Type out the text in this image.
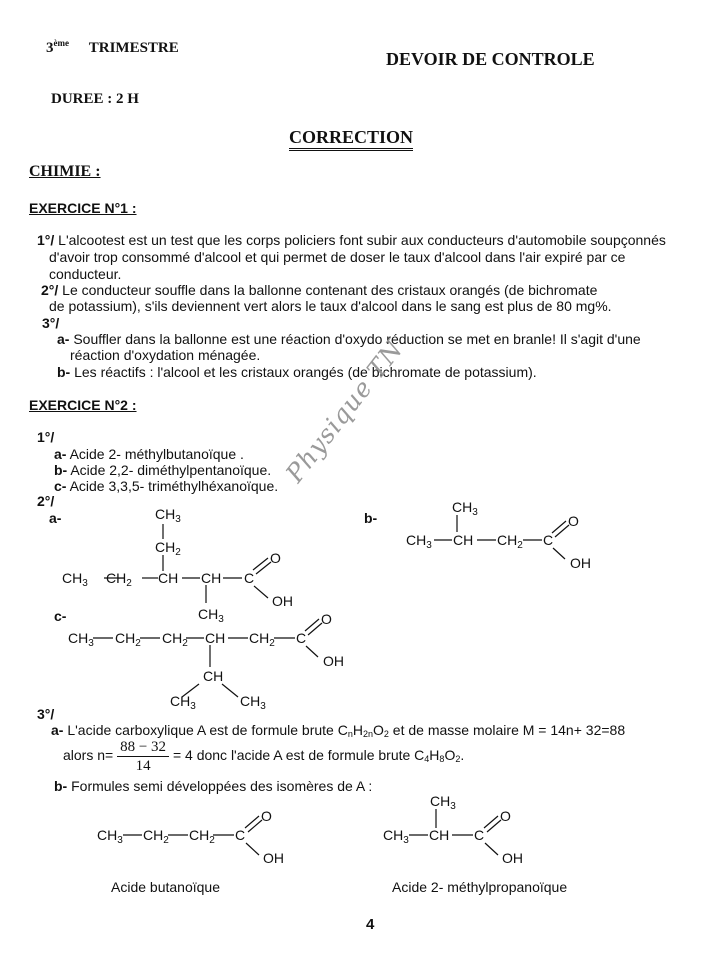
3ème TRIMESTRE
DUREE : 2 H
DEVOIR DE CONTROLE
CORRECTION
CHIMIE :
EXERCICE N°1 :
1°/ L'alcootest est un test que les corps policiers font subir aux conducteurs d'automobile soupçonnés
d'avoir trop consommé d'alcool et qui permet de doser le taux d'alcool dans l'air expiré par ce
conducteur.
2°/ Le conducteur souffle dans la ballonne contenant des cristaux orangés (de bichromate
de potassium), s'ils deviennent vert alors le taux d'alcool dans le sang est plus de 80 mg%.
3°/
a- Souffler dans la ballonne est une réaction d'oxydo réduction se met en branle! Il s'agit d'une
réaction d'oxydation ménagée.
b- Les réactifs : l'alcool et les cristaux orangés (de bichromate de potassium).
EXERCICE N°2 :
1°/
a- Acide 2- méthylbutanoïque .
b- Acide 2,2- diméthylpentanoïque.
c- Acide 3,3,5- triméthylhéxanoïque.
2°/
a-	b-
c-
$CH_3$
$CH_2$
$CH_3$ $CH_2$ CH CH C
O
OH
$CH_3$
$CH_3$
$CH_3$ CH $CH_2$ C
O
OH
$CH_3$ $CH_2$ $CH_2$ CH $CH_2$ C
O
OH
CH
$CH_3$	$CH_3$
3°/
a- L'acide carboxylique A est de formule brute $C_nH_{2n}O_2$ et de masse molaire M = 14n+ 32=88
alors $n= \frac{88 - 32}{14} = 4$ donc l'acide A est de formule brute $C_4H_8O_2$.
b- Formules semi développées des isomères de A :
$CH_3$ $CH_2$ $CH_2$ C
O
OH
Acide butanoïque
$CH_3$
$CH_3$ CH C
O
OH
Acide 2- méthylpropanoïque
Physique TN
4
